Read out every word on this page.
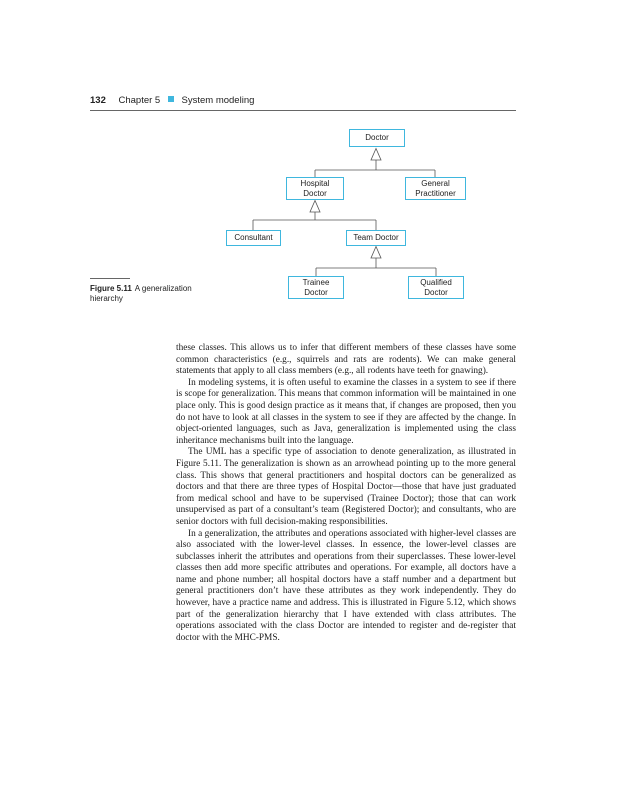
132 Chapter 5 System modeling
Doctor
Hospital Doctor
General Practitioner
Consultant	Team Doctor
Trainee Doctor
Qualified Doctor
Figure 5.11 A generalization hierarchy

these classes. This allows us to infer that different members of these classes have some common characteristics (e.g., squirrels and rats are rodents). We can make general statements that apply to all class members (e.g., all rodents have teeth for gnawing).

In modeling systems, it is often useful to examine the classes in a system to see if there is scope for generalization. This means that common information will be maintained in one place only. This is good design practice as it means that, if changes are proposed, then you do not have to look at all classes in the system to see if they are affected by the change. In object-oriented languages, such as Java, generalization is implemented using the class inheritance mechanisms built into the language.

The UML has a specific type of association to denote generalization, as illustrated in Figure 5.11. The generalization is shown as an arrowhead pointing up to the more general class. This shows that general practitioners and hospital doctors can be generalized as doctors and that there are three types of Hospital Doctor—those that have just graduated from medical school and have to be supervised (Trainee Doctor); those that can work unsupervised as part of a consultant’s team (Registered Doctor); and consultants, who are senior doctors with full decision-making responsibilities.

In a generalization, the attributes and operations associated with higher-level classes are also associated with the lower-level classes. In essence, the lower-level classes are subclasses inherit the attributes and operations from their superclasses. These lower-level classes then add more specific attributes and operations. For example, all doctors have a name and phone number; all hospital doctors have a staff number and a department but general practitioners don’t have these attributes as they work independently. They do however, have a practice name and address. This is illustrated in Figure 5.12, which shows part of the generalization hierarchy that I have extended with class attributes. The operations associated with the class Doctor are intended to register and de-register that doctor with the MHC-PMS.
